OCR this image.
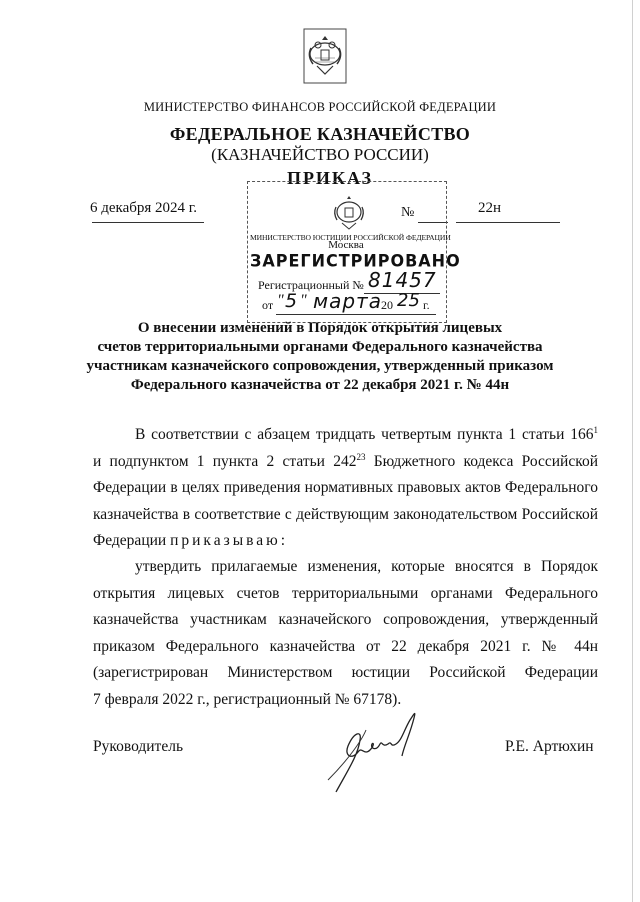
МИНИСТЕРСТВО ФИНАНСОВ РОССИЙСКОЙ ФЕДЕРАЦИИ
ФЕДЕРАЛЬНОЕ КАЗНАЧЕЙСТВО
(КАЗНАЧЕЙСТВО РОССИИ)
ПРИКАЗ
6 декабря 2024 г.	№	22н
МИНИСТЕРСТВО ЮСТИЦИИ РОССИЙСКОЙ ФЕДЕРАЦИИ
Москва
ЗАРЕГИСТРИРОВАНО
Регистрационный № 81457
от " 5 " марта 20 25 г.
О внесении изменений в Порядок открытия лицевых
счетов территориальными органами Федерального казначейства
участникам казначейского сопровождения, утвержденный приказом
Федерального казначейства от 22 декабря 2021 г. № 44н
В соответствии с абзацем тридцать четвертым пункта 1 статьи $166^1$
и подпунктом 1 пункта 2 статьи $242^{23}$ Бюджетного кодекса Российской
Федерации в целях приведения нормативных правовых актов Федерального
казначейства в соответствие с действующим законодательством Российской
Федерации приказываю:
утвердить прилагаемые изменения, которые вносятся в Порядок
открытия лицевых счетов территориальными органами Федерального
казначейства участникам казначейского сопровождения, утвержденный
приказом Федерального казначейства от 22 декабря 2021 г. № 44н
(зарегистрирован Министерством юстиции Российской Федерации
7 февраля 2022 г., регистрационный № 67178).
Руководитель	Р.Е. Артюхин
